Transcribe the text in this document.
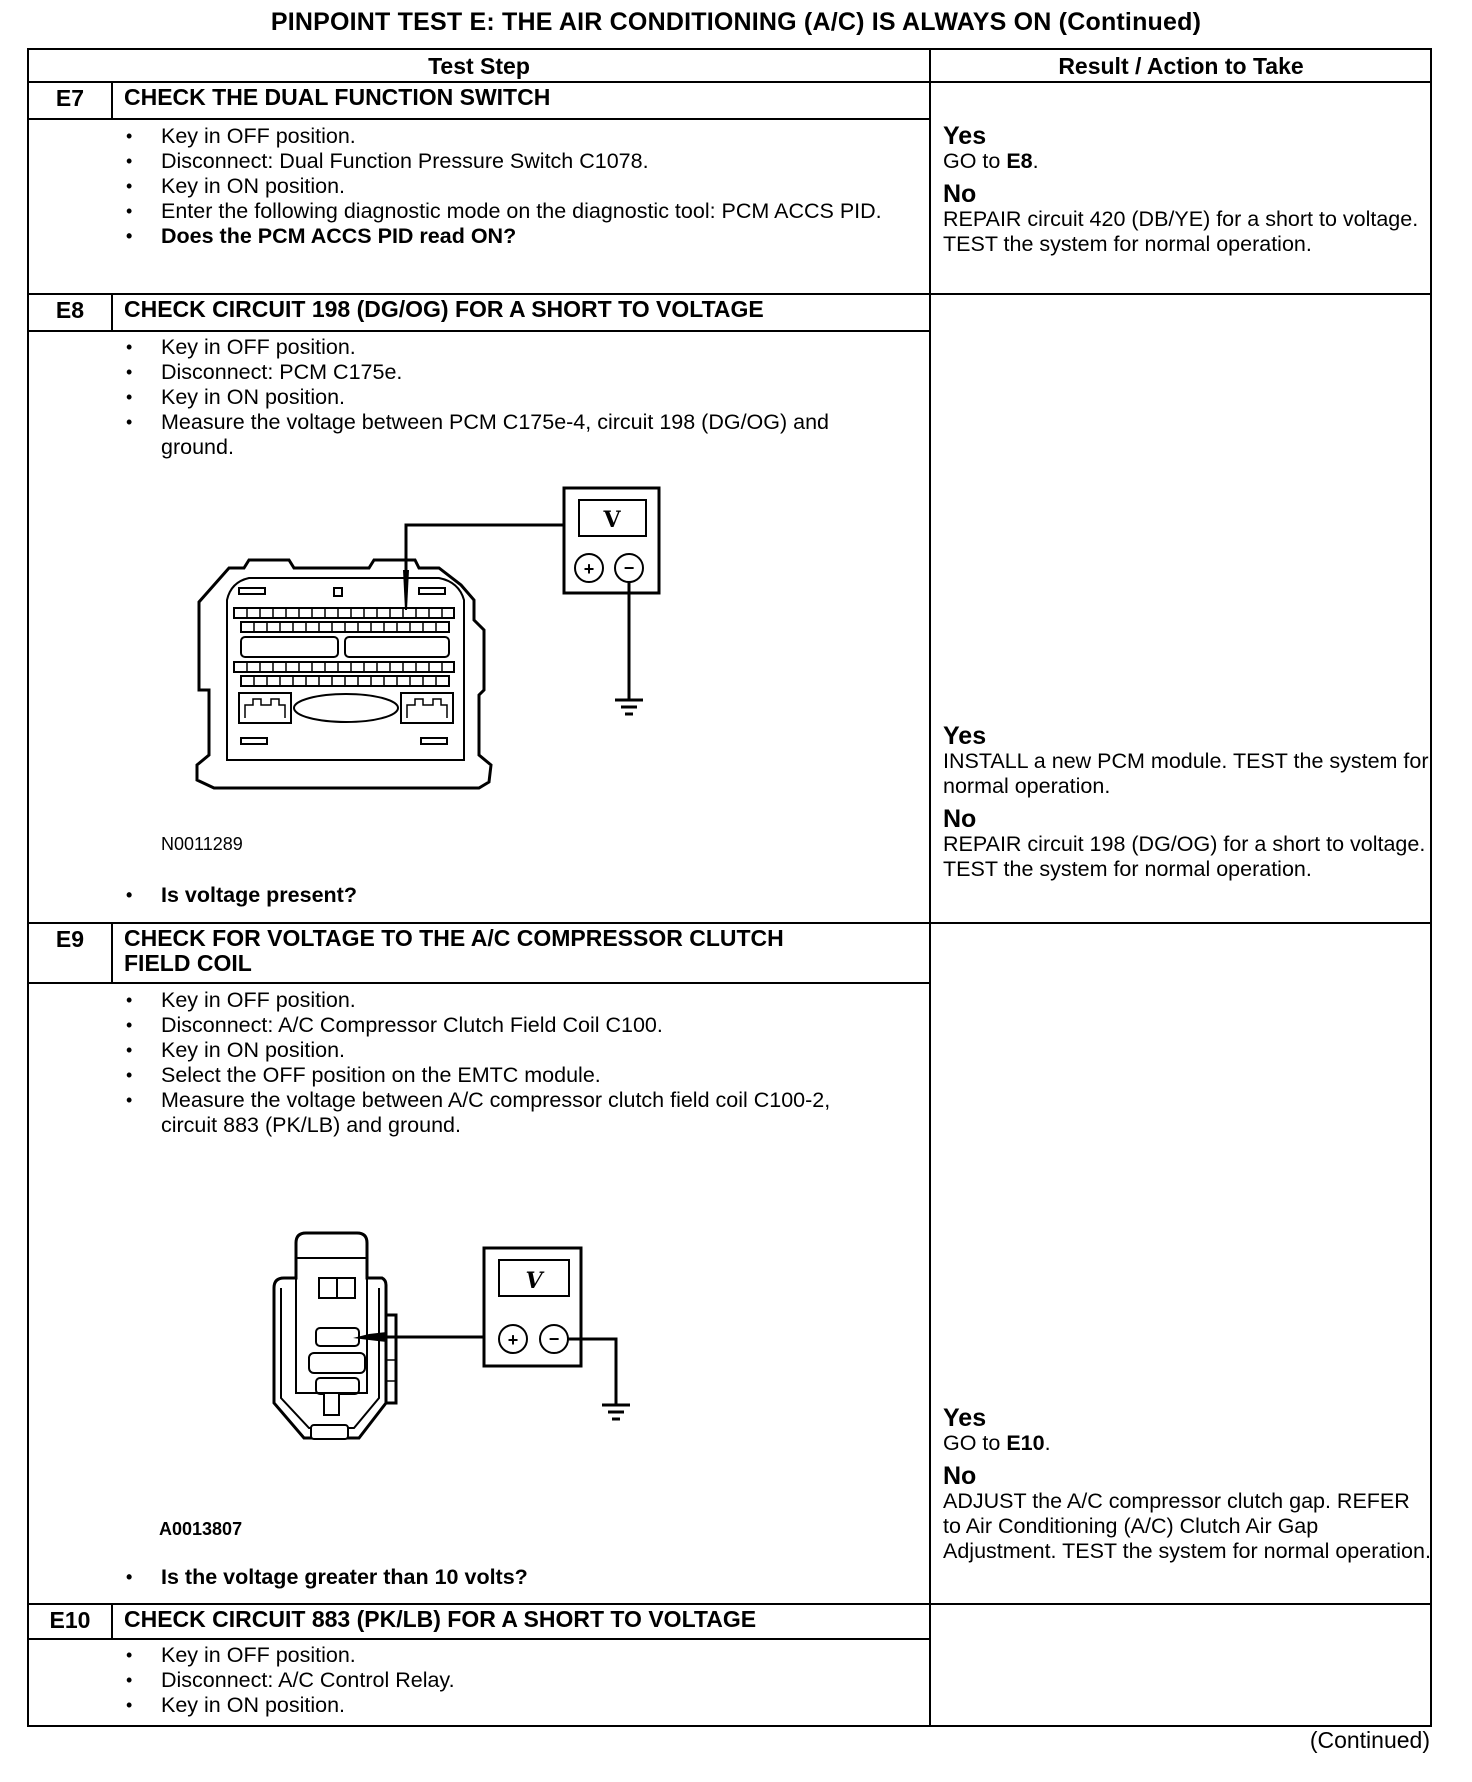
PINPOINT TEST E: THE AIR CONDITIONING (A/C) IS ALWAYS ON (Continued)
Test Step	Result / Action to Take
E7	CHECK THE DUAL FUNCTION SWITCH
• Key in OFF position.
• Disconnect: Dual Function Pressure Switch C1078.
• Key in ON position.
• Enter the following diagnostic mode on the diagnostic tool: PCM ACCS PID.
• Does the PCM ACCS PID read ON?
Yes
GO to E8.
No
REPAIR circuit 420 (DB/YE) for a short to voltage. TEST the system for normal operation.
E8	CHECK CIRCUIT 198 (DG/OG) FOR A SHORT TO VOLTAGE
• Key in OFF position.
• Disconnect: PCM C175e.
• Key in ON position.
• Measure the voltage between PCM C175e-4, circuit 198 (DG/OG) and ground.
V
+ −
N0011289
• Is voltage present?
Yes
INSTALL a new PCM module. TEST the system for normal operation.
No
REPAIR circuit 198 (DG/OG) for a short to voltage. TEST the system for normal operation.
E9	CHECK FOR VOLTAGE TO THE A/C COMPRESSOR CLUTCH FIELD COIL
• Key in OFF position.
• Disconnect: A/C Compressor Clutch Field Coil C100.
• Key in ON position.
• Select the OFF position on the EMTC module.
• Measure the voltage between A/C compressor clutch field coil C100-2, circuit 883 (PK/LB) and ground.
V
+ −
A0013807
• Is the voltage greater than 10 volts?
Yes
GO to E10.
No
ADJUST the A/C compressor clutch gap. REFER to Air Conditioning (A/C) Clutch Air Gap Adjustment. TEST the system for normal operation.
E10	CHECK CIRCUIT 883 (PK/LB) FOR A SHORT TO VOLTAGE
• Key in OFF position.
• Disconnect: A/C Control Relay.
• Key in ON position.
(Continued)
